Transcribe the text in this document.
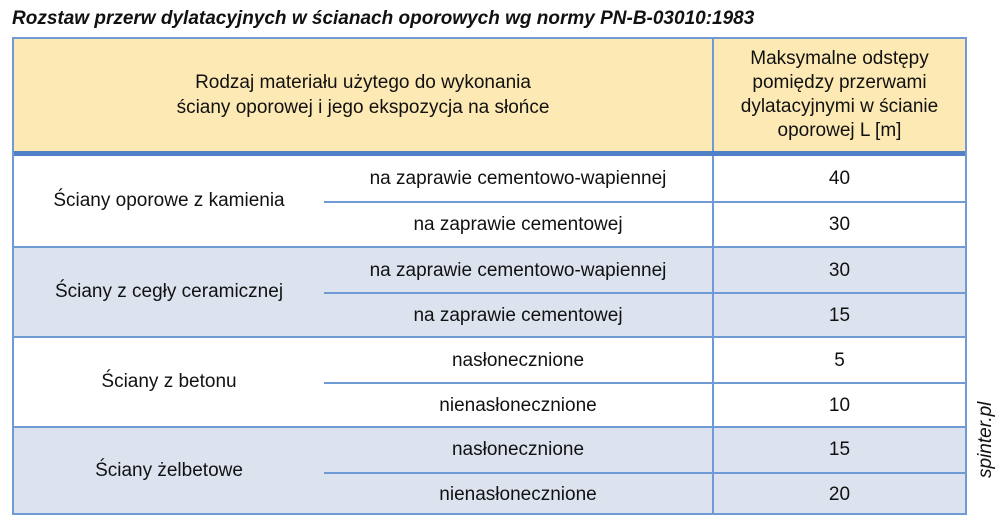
Rozstaw przerw dylatacyjnych w ścianach oporowych wg normy PN-B-03010:1983
Rodzaj materiału użytego do wykonania
ściany oporowej i jego ekspozycja na słońce
Maksymalne odstępy
pomiędzy przerwami
dylatacyjnymi w ścianie
oporowej L [m]
Ściany oporowe z kamienia
na zaprawie cementowo-wapiennej	40
na zaprawie cementowej	30
Ściany z cegły ceramicznej
na zaprawie cementowo-wapiennej	30
na zaprawie cementowej	15
Ściany z betonu
nasłonecznione	5
nienasłonecznione	10
Ściany żelbetowe
nasłonecznione	15
nienasłonecznione	20
spinter.pl
